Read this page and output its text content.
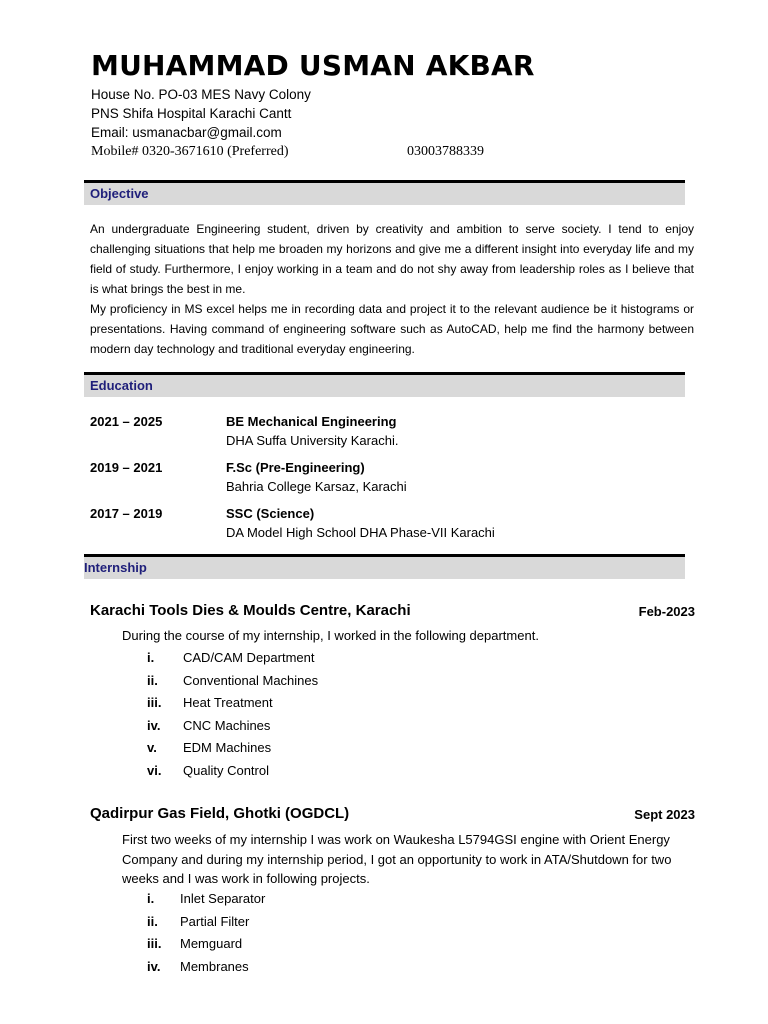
MUHAMMAD USMAN AKBAR
House No. PO-03 MES Navy Colony
PNS Shifa Hospital Karachi Cantt
Email: usmanacbar@gmail.com
Mobile# 0320-3671610 (Preferred)	03003788339
Objective

An undergraduate Engineering student, driven by creativity and ambition to serve society. I tend to enjoy challenging situations that help me broaden my horizons and give me a different insight into everyday life and my field of study. Furthermore, I enjoy working in a team and do not shy away from leadership roles as I believe that is what brings the best in me.

My proficiency in MS excel helps me in recording data and project it to the relevant audience be it histograms or presentations. Having command of engineering software such as AutoCAD, help me find the harmony between modern day technology and traditional everyday engineering.

Education
2021 – 2025	BE Mechanical Engineering
DHA Suffa University Karachi.
2019 – 2021	F.Sc (Pre-Engineering)
Bahria College Karsaz, Karachi
2017 – 2019	SSC (Science)
DA Model High School DHA Phase-VII Karachi
Internship
Karachi Tools Dies & Moulds Centre, Karachi	Feb-2023
During the course of my internship, I worked in the following department.
i. CAD/CAM Department
ii. Conventional Machines
iii. Heat Treatment
iv. CNC Machines
v. EDM Machines
vi. Quality Control
Qadirpur Gas Field, Ghotki (OGDCL)	Sept 2023
First two weeks of my internship I was work on Waukesha L5794GSI engine with Orient Energy Company and during my internship period, I got an opportunity to work in ATA/Shutdown for two weeks and I was work in following projects.
i. Inlet Separator
ii. Partial Filter
iii. Memguard
iv. Membranes
